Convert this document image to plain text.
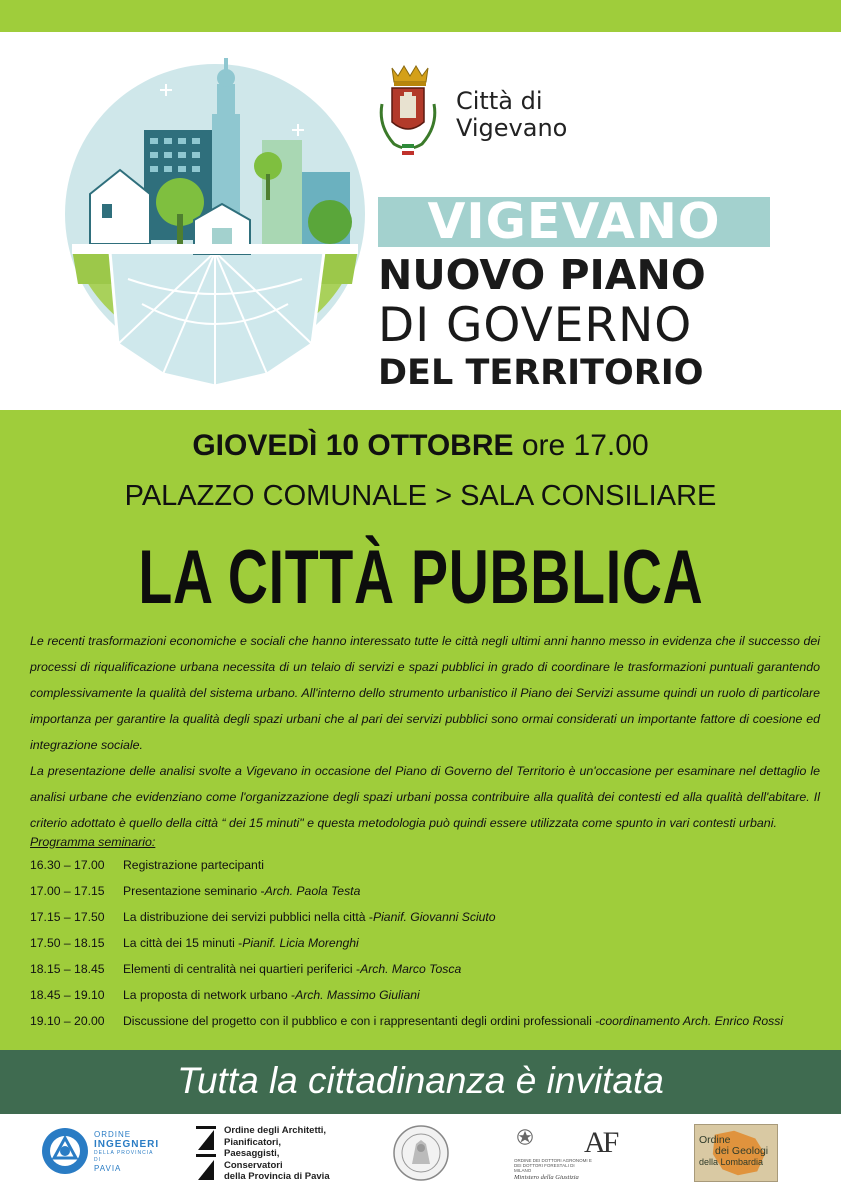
Città di
Vigevano
VIGEVANO
NUOVO PIANO
DI GOVERNO
DEL TERRITORIO
GIOVEDÌ 10 OTTOBRE ore 17.00
PALAZZO COMUNALE > SALA CONSILIARE
LA CITTÀ PUBBLICA

Le recenti trasformazioni economiche e sociali che hanno interessato tutte le città negli ultimi anni hanno messo in evidenza che il successo dei processi di riqualificazione urbana necessita di un telaio di servizi e spazi pubblici in grado di coordinare le trasformazioni puntuali garantendo complessivamente la qualità del sistema urbano. All'interno dello strumento urbanistico il Piano dei Servizi assume quindi un ruolo di particolare importanza per garantire la qualità degli spazi urbani che al pari dei servizi pubblici sono ormai considerati un importante fattore di coesione ed integrazione sociale.

La presentazione delle analisi svolte a Vigevano in occasione del Piano di Governo del Territorio è un'occasione per esaminare nel dettaglio le analisi urbane che evidenziano come l'organizzazione degli spazi urbani possa contribuire alla qualità dei contesti ed alla qualità dell'abitare. Il criterio adottato è quello della città “ dei 15 minuti" e questa metodologia può quindi essere utilizzata come spunto in vari contesti urbani.

Programma seminario:
16.30 – 17.00	Registrazione partecipanti
17.00 – 17.15	Presentazione seminario - Arch. Paola Testa
17.15 – 17.50	La distribuzione dei servizi pubblici nella città - Pianif. Giovanni Sciuto
17.50 – 18.15	La città dei 15 minuti - Pianif. Licia Morenghi
18.15 – 18.45	Elementi di centralità nei quartieri periferici - Arch. Marco Tosca
18.45 – 19.10	La proposta di network urbano - Arch. Massimo Giuliani
19.10 – 20.00	Discussione del progetto con il pubblico e con i rappresentanti degli ordini professionali - coordinamento Arch. Enrico Rossi
Tutta la cittadinanza è invitata
ORDINE
INGEGNERI
DELLA PROVINCIA DI
PAVIA
Ordine degli Architetti,
Pianificatori,
Paesaggisti,
Conservatori
della Provincia di Pavia
ORDINE DEI DOTTORI AGRONOMI E DEI DOTTORI FORESTALI DI MILANO
Ministero della Giustizia
AF	Ordine
dei Geologi
della Lombardia
